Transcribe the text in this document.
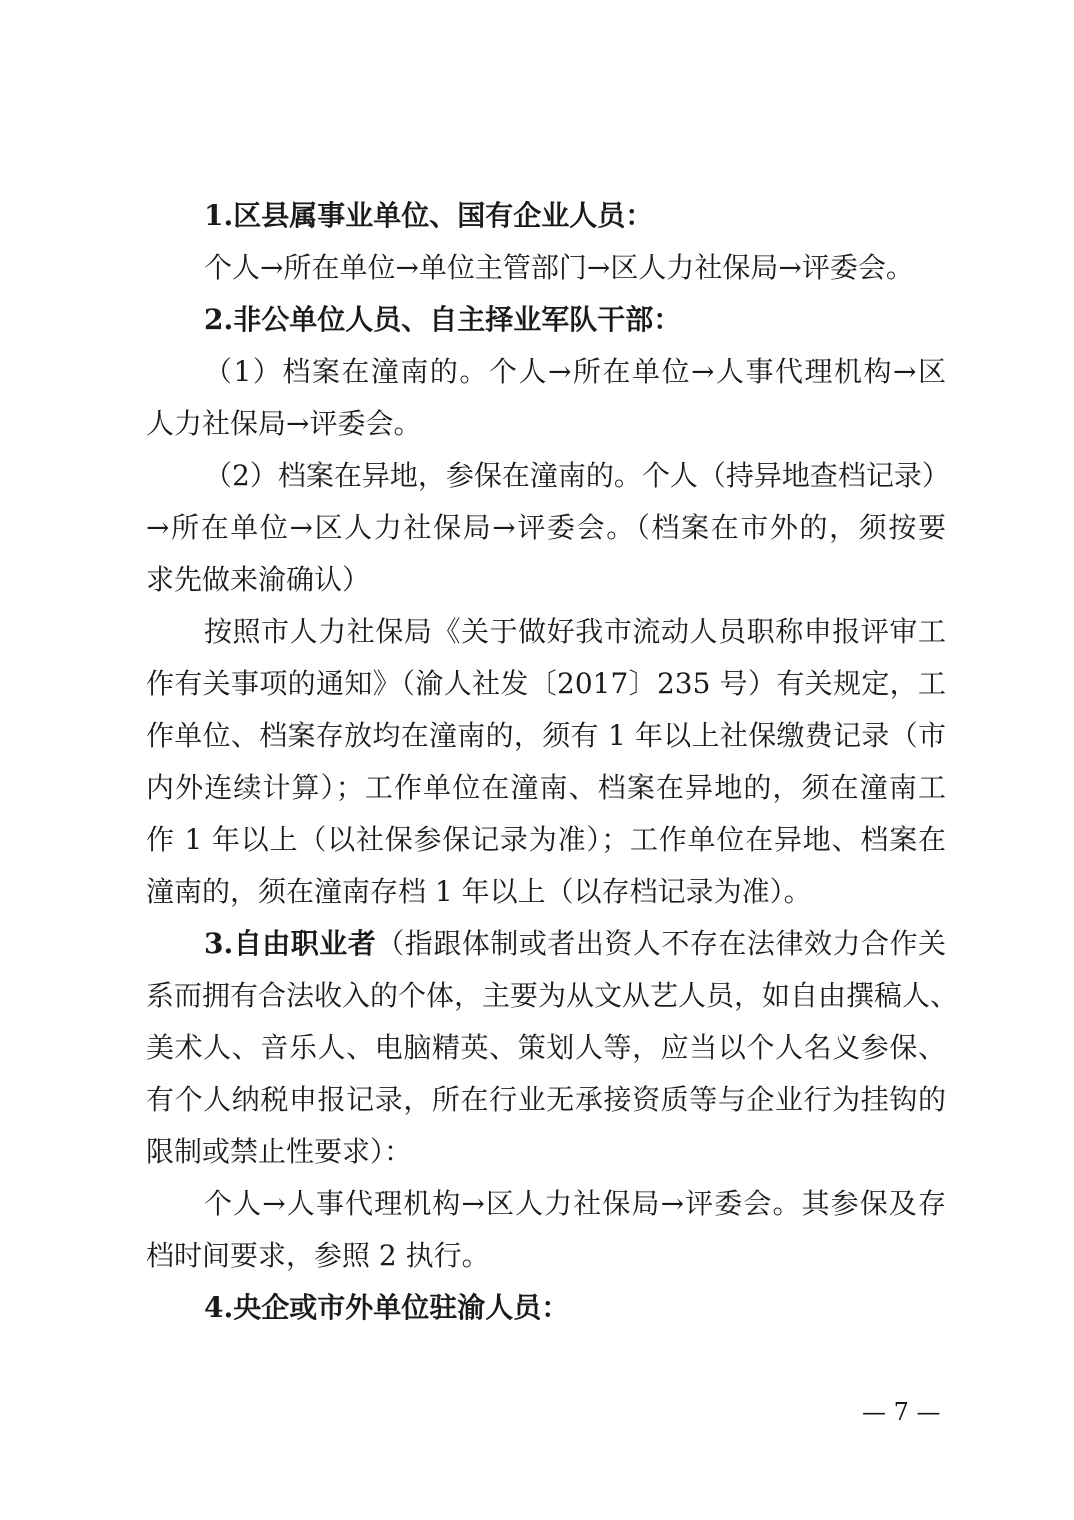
1.区县属事业单位、国有企业人员：
个人→所在单位→单位主管部门→区人力社保局→评委会。
2.非公单位人员、自主择业军队干部：
（1）档案在潼南的。个人→所在单位→人事代理机构→区
人力社保局→评委会。
（2）档案在异地，参保在潼南的。个人（持异地查档记录）
→所在单位→区人力社保局→评委会。（档案在市外的，须按要
求先做来渝确认）
按照市人力社保局《关于做好我市流动人员职称申报评审工
作有关事项的通知》（渝人社发〔2017〕235 号）有关规定，工
作单位、档案存放均在潼南的，须有 1 年以上社保缴费记录（市
内外连续计算）；工作单位在潼南、档案在异地的，须在潼南工
作 1 年以上（以社保参保记录为准）；工作单位在异地、档案在
潼南的，须在潼南存档 1 年以上（以存档记录为准）。
3.自由职业者（指跟体制或者出资人不存在法律效力合作关
系而拥有合法收入的个体，主要为从文从艺人员，如自由撰稿人、
美术人、音乐人、电脑精英、策划人等，应当以个人名义参保、
有个人纳税申报记录，所在行业无承接资质等与企业行为挂钩的
限制或禁止性要求）：
个人→人事代理机构→区人力社保局→评委会。其参保及存
档时间要求，参照 2 执行。
4.央企或市外单位驻渝人员：
— 7 —
